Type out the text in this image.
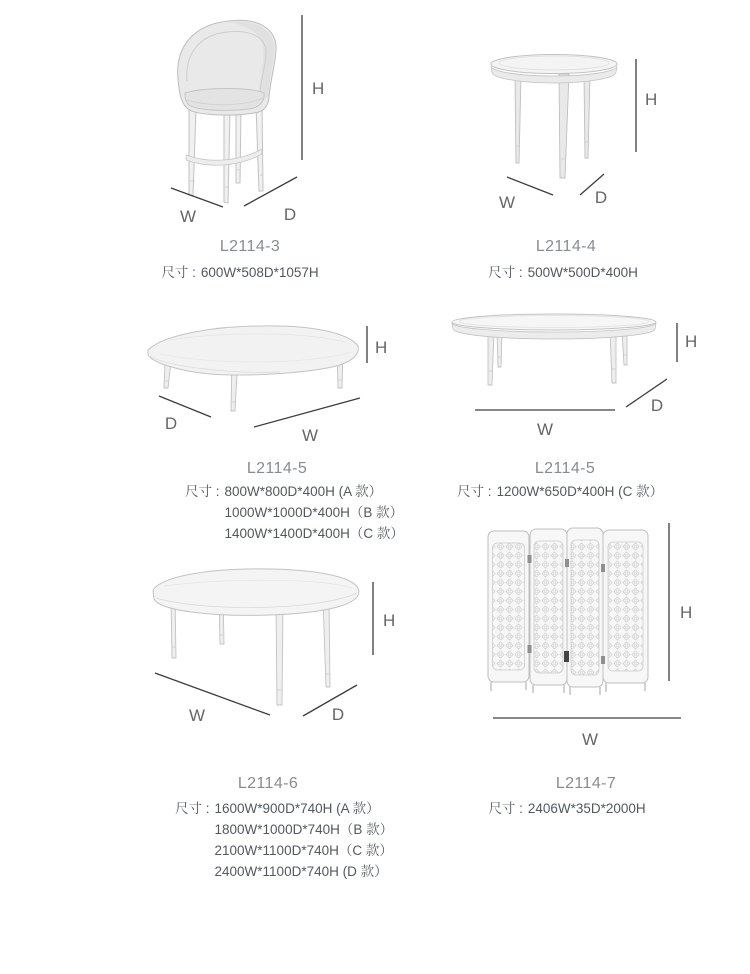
H
W	D
L2114-3
尺寸 : 600W*508D*1057H
H
W	D
L2114-4
尺寸 : 500W*500D*400H
H
D
W
L2114-5
尺寸 : 800W*800D*400H (A 款）
1000W*1000D*400H（B 款）
1400W*1400D*400H（C 款）
H
D
W
L2114-5
尺寸 : 1200W*650D*400H (C 款）
H
W	D
L2114-6
尺寸 : 1600W*900D*740H (A 款）
1800W*1000D*740H（B 款）
2100W*1100D*740H（C 款）
2400W*1100D*740H (D 款）
H
W
L2114-7
尺寸 : 2406W*35D*2000H
